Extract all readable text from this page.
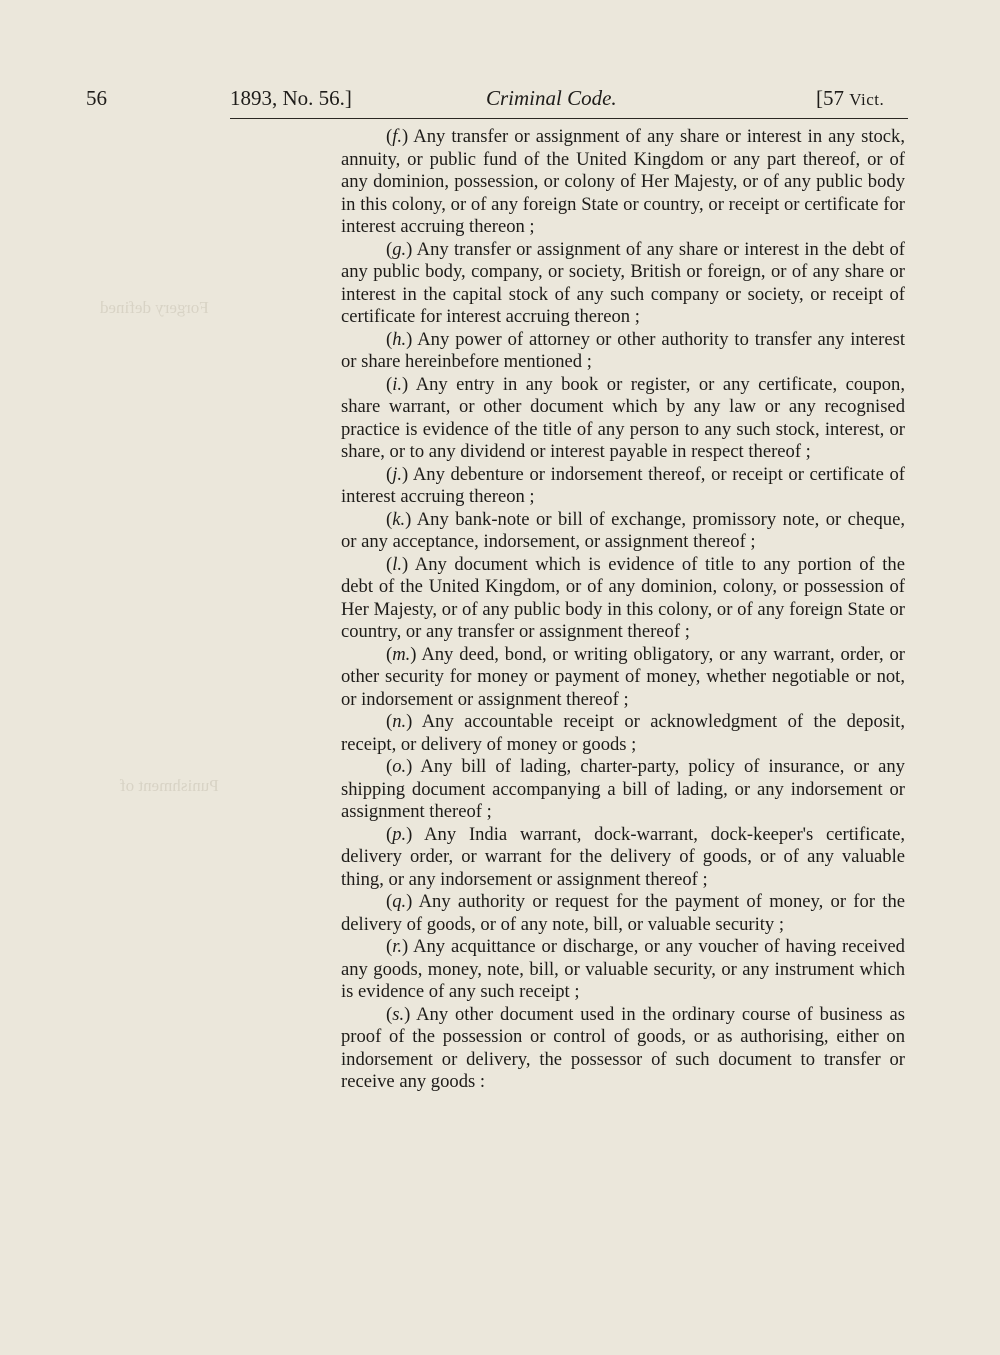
Forgery defined
Punishment of
56	1893, No. 56.]	Criminal Code.	[57 Vict.

(f.) Any transfer or assignment of any share or interest in any stock, annuity, or public fund of the United Kingdom or any part thereof, or of any dominion, possession, or colony of Her Majesty, or of any public body in this colony, or of any foreign State or country, or receipt or certificate for interest accruing thereon ;

(g.) Any transfer or assignment of any share or interest in the debt of any public body, company, or society, British or foreign, or of any share or interest in the capital stock of any such company or society, or receipt of certificate for interest accruing thereon ;

(h.) Any power of attorney or other authority to transfer any interest or share hereinbefore mentioned ;

(i.) Any entry in any book or register, or any certificate, coupon, share warrant, or other document which by any law or any recognised practice is evidence of the title of any person to any such stock, interest, or share, or to any dividend or interest payable in respect thereof ;

(j.) Any debenture or indorsement thereof, or receipt or certificate of interest accruing thereon ;

(k.) Any bank-note or bill of exchange, promissory note, or cheque, or any acceptance, indorsement, or assignment thereof ;

(l.) Any document which is evidence of title to any portion of the debt of the United Kingdom, or of any dominion, colony, or possession of Her Majesty, or of any public body in this colony, or of any foreign State or country, or any transfer or assignment thereof ;

(m.) Any deed, bond, or writing obligatory, or any warrant, order, or other security for money or payment of money, whether negotiable or not, or indorsement or assignment thereof ;

(n.) Any accountable receipt or acknowledgment of the deposit, receipt, or delivery of money or goods ;

(o.) Any bill of lading, charter-party, policy of insurance, or any shipping document accompanying a bill of lading, or any indorsement or assignment thereof ;

(p.) Any India warrant, dock-warrant, dock-keeper's certificate, delivery order, or warrant for the delivery of goods, or of any valuable thing, or any indorsement or assignment thereof ;

(q.) Any authority or request for the payment of money, or for the delivery of goods, or of any note, bill, or valuable security ;

(r.) Any acquittance or discharge, or any voucher of having received any goods, money, note, bill, or valuable security, or any instrument which is evidence of any such receipt ;

(s.) Any other document used in the ordinary course of business as proof of the possession or control of goods, or as authorising, either on indorsement or delivery, the possessor of such document to transfer or receive any goods :
